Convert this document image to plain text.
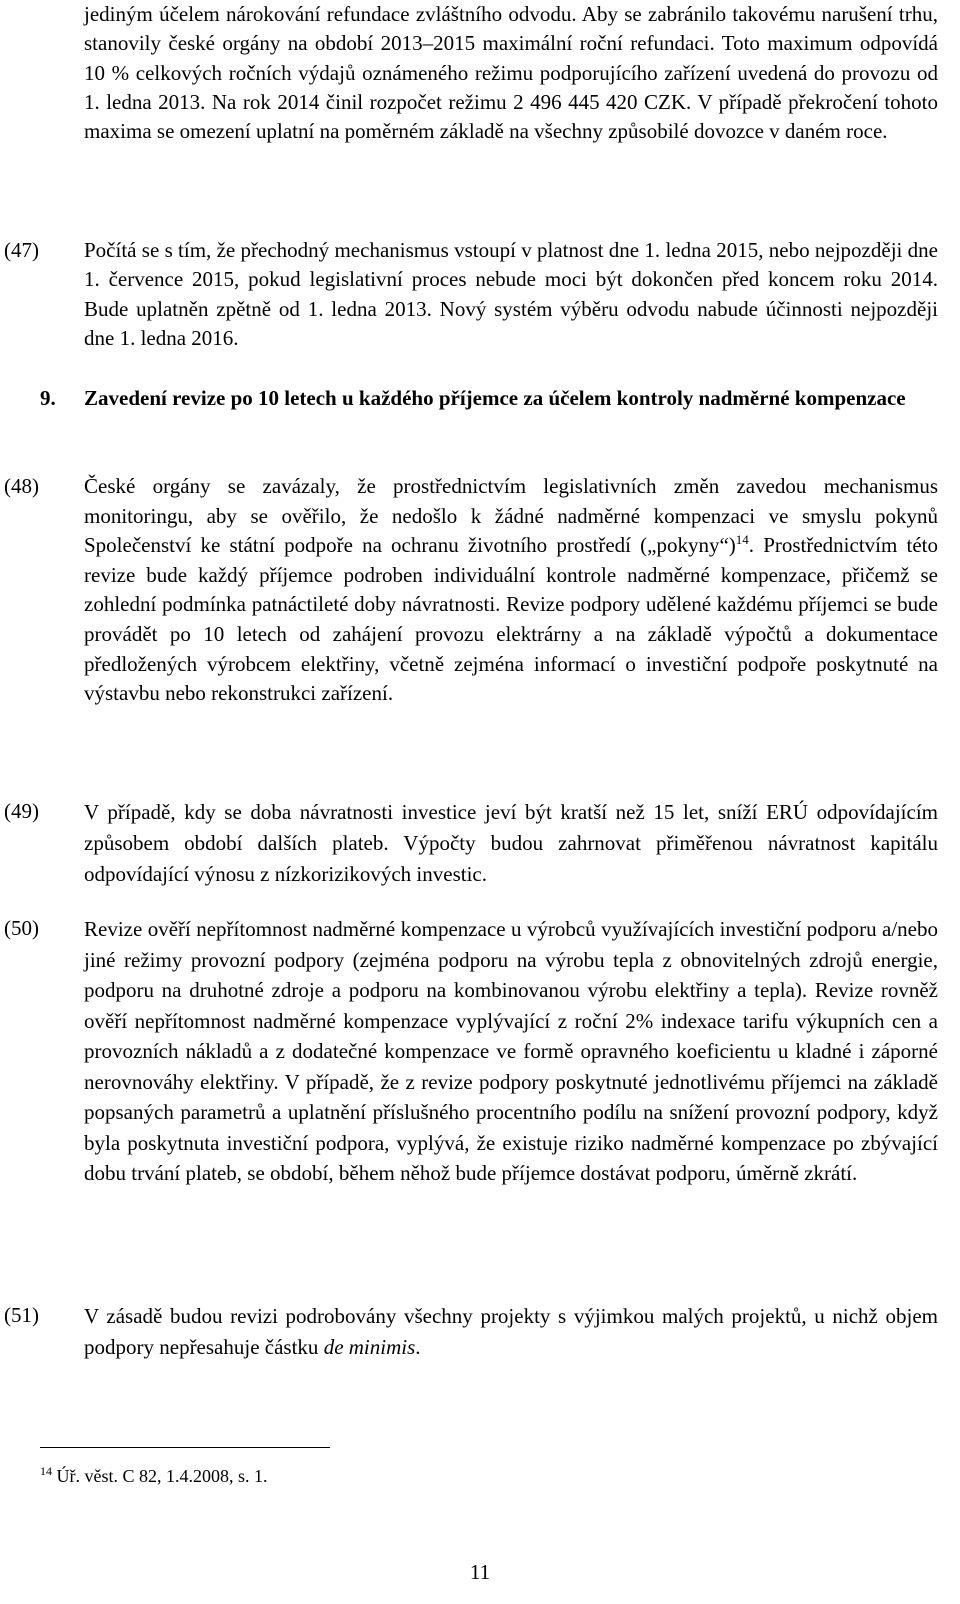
jediným účelem nárokování refundace zvláštního odvodu. Aby se zabránilo takovému narušení trhu, stanovily české orgány na období 2013–2015 maximální roční refundaci. Toto maximum odpovídá 10 % celkových ročních výdajů oznámeného režimu podporujícího zařízení uvedená do provozu od 1. ledna 2013. Na rok 2014 činil rozpočet režimu 2 496 445 420 CZK. V případě překročení tohoto maxima se omezení uplatní na poměrném základě na všechny způsobilé dovozce v daném roce.
(47) Počítá se s tím, že přechodný mechanismus vstoupí v platnost dne 1. ledna 2015, nebo nejpozději dne 1. července 2015, pokud legislativní proces nebude moci být dokončen před koncem roku 2014. Bude uplatněn zpětně od 1. ledna 2013. Nový systém výběru odvodu nabude účinnosti nejpozději dne 1. ledna 2016.
9. Zavedení revize po 10 letech u každého příjemce za účelem kontroly nadměrné kompenzace
(48) České orgány se zavázaly, že prostřednictvím legislativních změn zavedou mechanismus monitoringu, aby se ověřilo, že nedošlo k žádné nadměrné kompenzaci ve smyslu pokynů Společenství ke státní podpoře na ochranu životního prostředí („pokyny“)$^{14}$. Prostřednictvím této revize bude každý příjemce podroben individuální kontrole nadměrné kompenzace, přičemž se zohlední podmínka patnáctileté doby návratnosti. Revize podpory udělené každému příjemci se bude provádět po 10 letech od zahájení provozu elektrárny a na základě výpočtů a dokumentace předložených výrobcem elektřiny, včetně zejména informací o investiční podpoře poskytnuté na výstavbu nebo rekonstrukci zařízení.
(49) V případě, kdy se doba návratnosti investice jeví být kratší než 15 let, sníží ERÚ odpovídajícím způsobem období dalších plateb. Výpočty budou zahrnovat přiměřenou návratnost kapitálu odpovídající výnosu z nízkorizikových investic.
(50) Revize ověří nepřítomnost nadměrné kompenzace u výrobců využívajících investiční podporu a/nebo jiné režimy provozní podpory (zejména podporu na výrobu tepla z obnovitelných zdrojů energie, podporu na druhotné zdroje a podporu na kombinovanou výrobu elektřiny a tepla). Revize rovněž ověří nepřítomnost nadměrné kompenzace vyplývající z roční 2% indexace tarifu výkupních cen a provozních nákladů a z dodatečné kompenzace ve formě opravného koeficientu u kladné i záporné nerovnováhy elektřiny. V případě, že z revize podpory poskytnuté jednotlivému příjemci na základě popsaných parametrů a uplatnění příslušného procentního podílu na snížení provozní podpory, když byla poskytnuta investiční podpora, vyplývá, že existuje riziko nadměrné kompenzace po zbývající dobu trvání plateb, se období, během něhož bude příjemce dostávat podporu, úměrně zkrátí.
(51) V zásadě budou revizi podrobovány všechny projekty s výjimkou malých projektů, u nichž objem podpory nepřesahuje částku de minimis.
$^{14}$ Úř. věst. C 82, 1.4.2008, s. 1.
11
